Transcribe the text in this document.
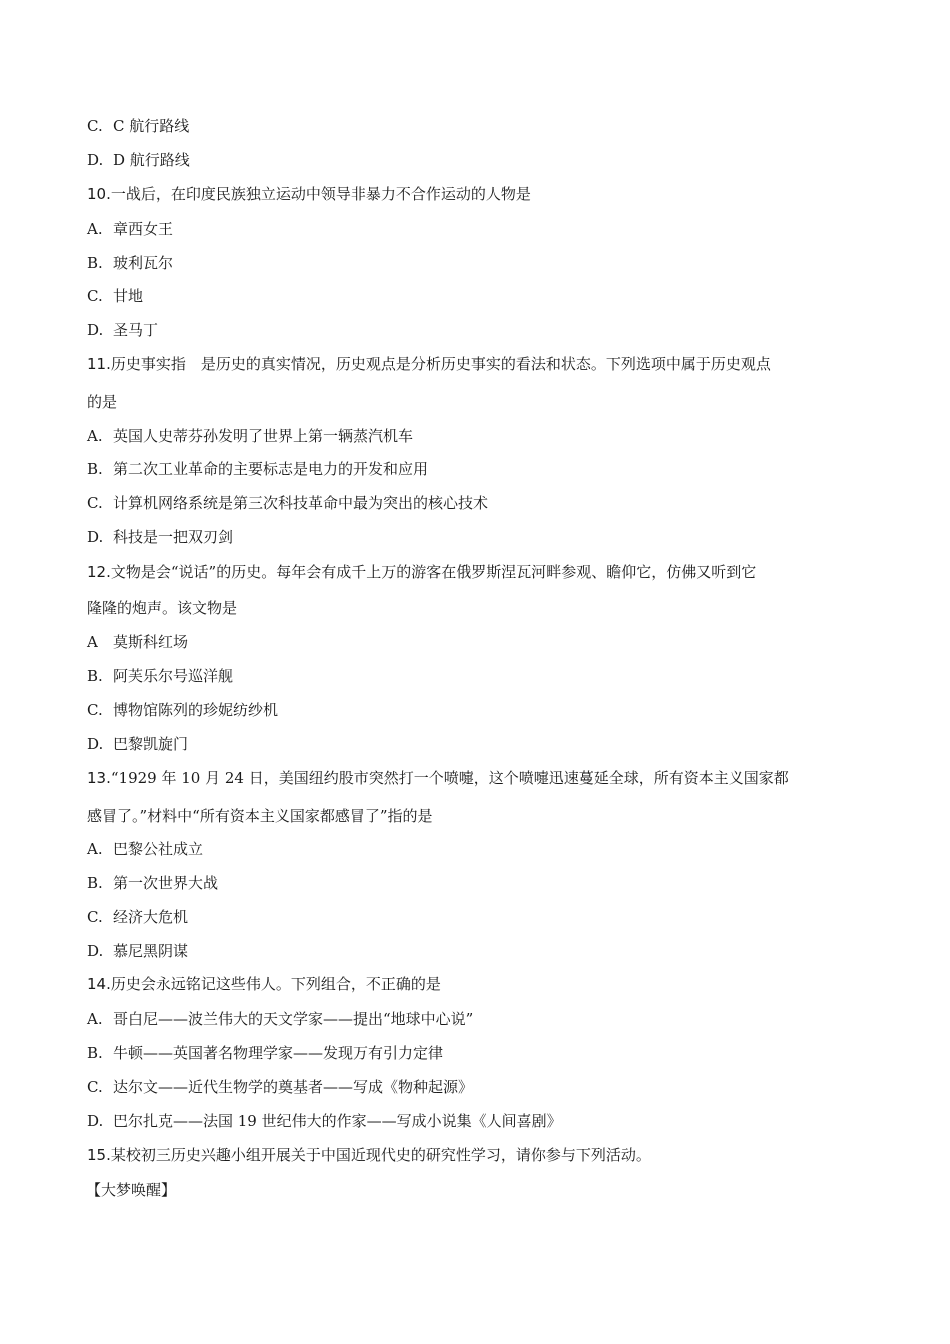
C. C 航行路线
D. D 航行路线
10.一战后，在印度民族独立运动中领导非暴力不合作运动的人物是
A. 章西女王
B. 玻利瓦尔
C. 甘地
D. 圣马丁
11.历史事实指　是历史的真实情况，历史观点是分析历史事实的看法和状态。下列选项中属于历史观点
的是
A. 英国人史蒂芬孙发明了世界上第一辆蒸汽机车
B. 第二次工业革命的主要标志是电力的开发和应用
C. 计算机网络系统是第三次科技革命中最为突出的核心技术
D. 科技是一把双刃剑
12.文物是会“说话”的历史。每年会有成千上万的游客在俄罗斯涅瓦河畔参观、瞻仰它，仿佛又听到它
隆隆的炮声。该文物是
A 莫斯科红场
B. 阿芙乐尔号巡洋舰
C. 博物馆陈列的珍妮纺纱机
D. 巴黎凯旋门
13.“1929 年 10 月 24 日，美国纽约股市突然打一个喷嚏，这个喷嚏迅速蔓延全球，所有资本主义国家都
感冒了。”材料中“所有资本主义国家都感冒了”指的是
A. 巴黎公社成立
B. 第一次世界大战
C. 经济大危机
D. 慕尼黑阴谋
14.历史会永远铭记这些伟人。下列组合，不正确的是
A. 哥白尼——波兰伟大的天文学家——提出“地球中心说”
B. 牛顿——英国著名物理学家——发现万有引力定律
C. 达尔文——近代生物学的奠基者——写成《物种起源》
D. 巴尔扎克——法国 19 世纪伟大的作家——写成小说集《人间喜剧》
15.某校初三历史兴趣小组开展关于中国近现代史的研究性学习，请你参与下列活动。
【大梦唤醒】
